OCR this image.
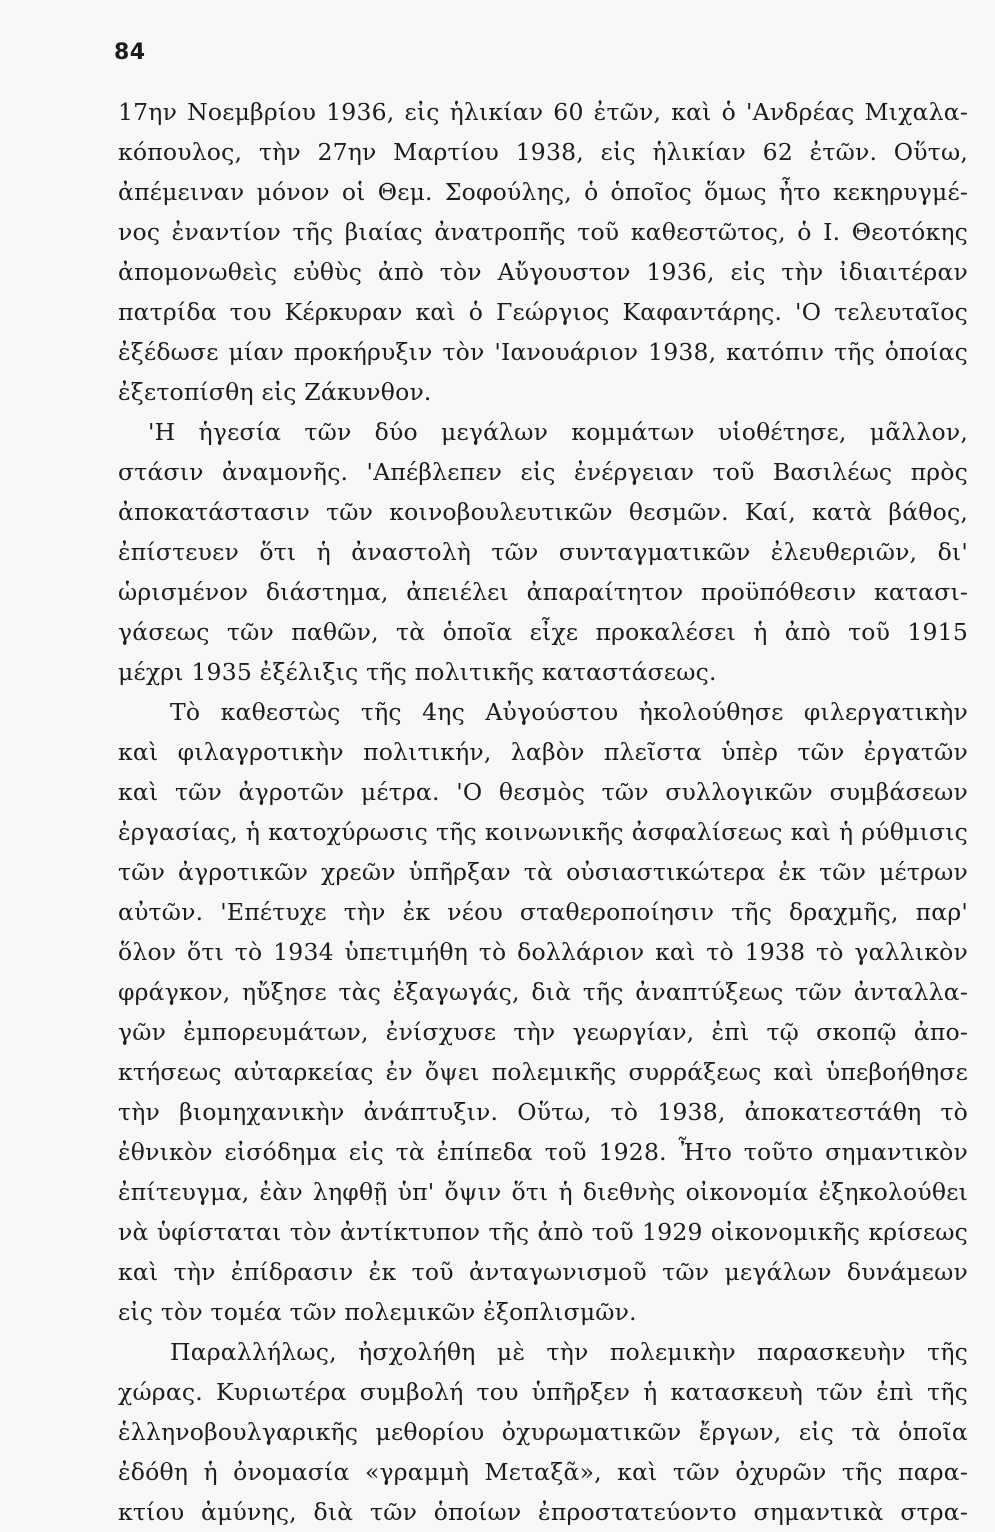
84
17ην Νοεμβρίου 1936, εἰς ἡλικίαν 60 ἐτῶν, καὶ ὁ 'Ανδρέας Μιχαλα-
κόπουλος, τὴν 27ην Μαρτίου 1938, εἰς ἡλικίαν 62 ἐτῶν. Οὕτω,
ἀπέμειναν μόνον οἱ Θεμ. Σοφούλης, ὁ ὁποῖος ὅμως ἦτο κεκηρυγμέ-
νος ἐναντίον τῆς βιαίας ἀνατροπῆς τοῦ καθεστῶτος, ὁ Ι. Θεοτόκης
ἀπομονωθεὶς εὐθὺς ἀπὸ τὸν Αὔγουστον 1936, εἰς τὴν ἰδιαιτέραν
πατρίδα του Κέρκυραν καὶ ὁ Γεώργιος Καφαντάρης. 'Ο τελευταῖος
ἐξέδωσε μίαν προκήρυξιν τὸν 'Ιανουάριον 1938, κατόπιν τῆς ὁποίας
ἐξετοπίσθη εἰς Ζάκυνθον.
'Η ἡγεσία τῶν δύο μεγάλων κομμάτων υἱοθέτησε, μᾶλλον,
στάσιν ἀναμονῆς. 'Απέβλεπεν εἰς ἐνέργειαν τοῦ Βασιλέως πρὸς
ἀποκατάστασιν τῶν κοινοβουλευτικῶν θεσμῶν. Καί, κατὰ βάθος,
ἐπίστευεν ὅτι ἡ ἀναστολὴ τῶν συνταγματικῶν ἐλευθεριῶν, δι'
ὡρισμένον διάστημα, ἀπειέλει ἀπαραίτητον προϋπόθεσιν κατασι-
γάσεως τῶν παθῶν, τὰ ὁποῖα εἶχε προκαλέσει ἡ ἀπὸ τοῦ 1915
μέχρι 1935 ἐξέλιξις τῆς πολιτικῆς καταστάσεως.
Τὸ καθεστὼς τῆς 4ης Αὐγούστου ἠκολούθησε φιλεργατικὴν
καὶ φιλαγροτικὴν πολιτικήν, λαβὸν πλεῖστα ὑπὲρ τῶν ἐργατῶν
καὶ τῶν ἀγροτῶν μέτρα. 'Ο θεσμὸς τῶν συλλογικῶν συμβάσεων
ἐργασίας, ἡ κατοχύρωσις τῆς κοινωνικῆς ἀσφαλίσεως καὶ ἡ ρύθμισις
τῶν ἀγροτικῶν χρεῶν ὑπῆρξαν τὰ οὐσιαστικώτερα ἐκ τῶν μέτρων
αὐτῶν. 'Επέτυχε τὴν ἐκ νέου σταθεροποίησιν τῆς δραχμῆς, παρ'
ὅλον ὅτι τὸ 1934 ὑπετιμήθη τὸ δολλάριον καὶ τὸ 1938 τὸ γαλλικὸν
φράγκον, ηὔξησε τὰς ἐξαγωγάς, διὰ τῆς ἀναπτύξεως τῶν ἀνταλλα-
γῶν ἐμπορευμάτων, ἐνίσχυσε τὴν γεωργίαν, ἐπὶ τῷ σκοπῷ ἀπο-
κτήσεως αὐταρκείας ἐν ὄψει πολεμικῆς συρράξεως καὶ ὑπεβοήθησε
τὴν βιομηχανικὴν ἀνάπτυξιν. Οὕτω, τὸ 1938, ἀποκατεστάθη τὸ
ἐθνικὸν εἰσόδημα εἰς τὰ ἐπίπεδα τοῦ 1928. Ἦτο τοῦτο σημαντικὸν
ἐπίτευγμα, ἐὰν ληφθῇ ὑπ' ὄψιν ὅτι ἡ διεθνὴς οἰκονομία ἐξηκολούθει
νὰ ὑφίσταται τὸν ἀντίκτυπον τῆς ἀπὸ τοῦ 1929 οἰκονομικῆς κρίσεως
καὶ τὴν ἐπίδρασιν ἐκ τοῦ ἀνταγωνισμοῦ τῶν μεγάλων δυνάμεων
εἰς τὸν τομέα τῶν πολεμικῶν ἐξοπλισμῶν.
Παραλλήλως, ἠσχολήθη μὲ τὴν πολεμικὴν παρασκευὴν τῆς
χώρας. Κυριωτέρα συμβολή του ὑπῆρξεν ἡ κατασκευὴ τῶν ἐπὶ τῆς
ἑλληνοβουλγαρικῆς μεθορίου ὀχυρωματικῶν ἔργων, εἰς τὰ ὁποῖα
ἐδόθη ἡ ὀνομασία «γραμμὴ Μεταξᾶ», καὶ τῶν ὀχυρῶν τῆς παρα-
κτίου ἀμύνης, διὰ τῶν ὁποίων ἐπροστατεύοντο σημαντικὰ στρα-
